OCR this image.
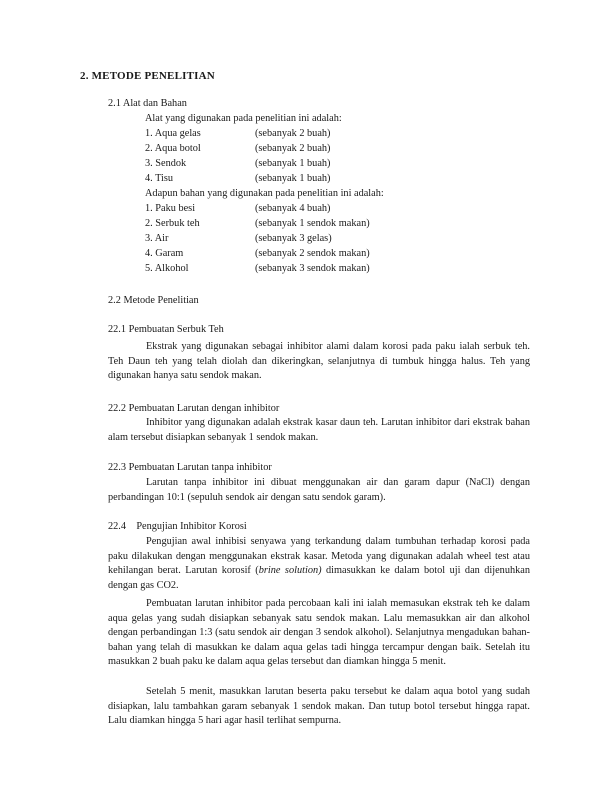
2. METODE PENELITIAN
2.1 Alat dan Bahan
Alat yang digunakan pada penelitian ini adalah:
1. Aqua gelas	(sebanyak 2 buah)
2. Aqua botol	(sebanyak 2 buah)
3. Sendok	(sebanyak 1 buah)
4. Tisu	(sebanyak 1 buah)
Adapun bahan yang digunakan pada penelitian ini adalah:
1. Paku besi	(sebanyak 4 buah)
2. Serbuk teh	(sebanyak 1 sendok makan)
3. Air	(sebanyak 3 gelas)
4. Garam	(sebanyak 2 sendok makan)
5. Alkohol	(sebanyak 3 sendok makan)
2.2 Metode Penelitian
22.1 Pembuatan Serbuk Teh

Ekstrak yang digunakan sebagai inhibitor alami dalam korosi pada paku ialah serbuk teh. Teh Daun teh yang telah diolah dan dikeringkan, selanjutnya di tumbuk hingga halus. Teh yang digunakan hanya satu sendok makan.

22.2 Pembuatan Larutan dengan inhibitor

Inhibitor yang digunakan adalah ekstrak kasar daun teh. Larutan inhibitor dari ekstrak bahan alam tersebut disiapkan sebanyak 1 sendok makan.

22.3 Pembuatan Larutan tanpa inhibitor

Larutan tanpa inhibitor ini dibuat menggunakan air dan garam dapur (NaCl) dengan perbandingan 10:1 (sepuluh sendok air dengan satu sendok garam).

22.4    Pengujian Inhibitor Korosi

Pengujian awal inhibisi senyawa yang terkandung dalam tumbuhan terhadap korosi pada paku dilakukan dengan menggunakan ekstrak kasar. Metoda yang digunakan adalah wheel test atau kehilangan berat. Larutan korosif (brine solution) dimasukkan ke dalam botol uji dan dijenuhkan dengan gas CO2.

Pembuatan larutan inhibitor pada percobaan kali ini ialah memasukan ekstrak teh ke dalam aqua gelas yang sudah disiapkan sebanyak satu sendok makan. Lalu memasukkan air dan alkohol dengan perbandingan 1:3 (satu sendok air dengan 3 sendok alkohol). Selanjutnya mengadukan bahan-bahan yang telah di masukkan ke dalam aqua gelas tadi hingga tercampur dengan baik. Setelah itu masukkan 2 buah paku ke dalam aqua gelas tersebut dan diamkan hingga 5 menit.

Setelah 5 menit, masukkan larutan beserta paku tersebut ke dalam aqua botol yang sudah disiapkan, lalu tambahkan garam sebanyak 1 sendok makan. Dan tutup botol tersebut hingga rapat. Lalu diamkan hingga 5 hari agar hasil terlihat sempurna.
